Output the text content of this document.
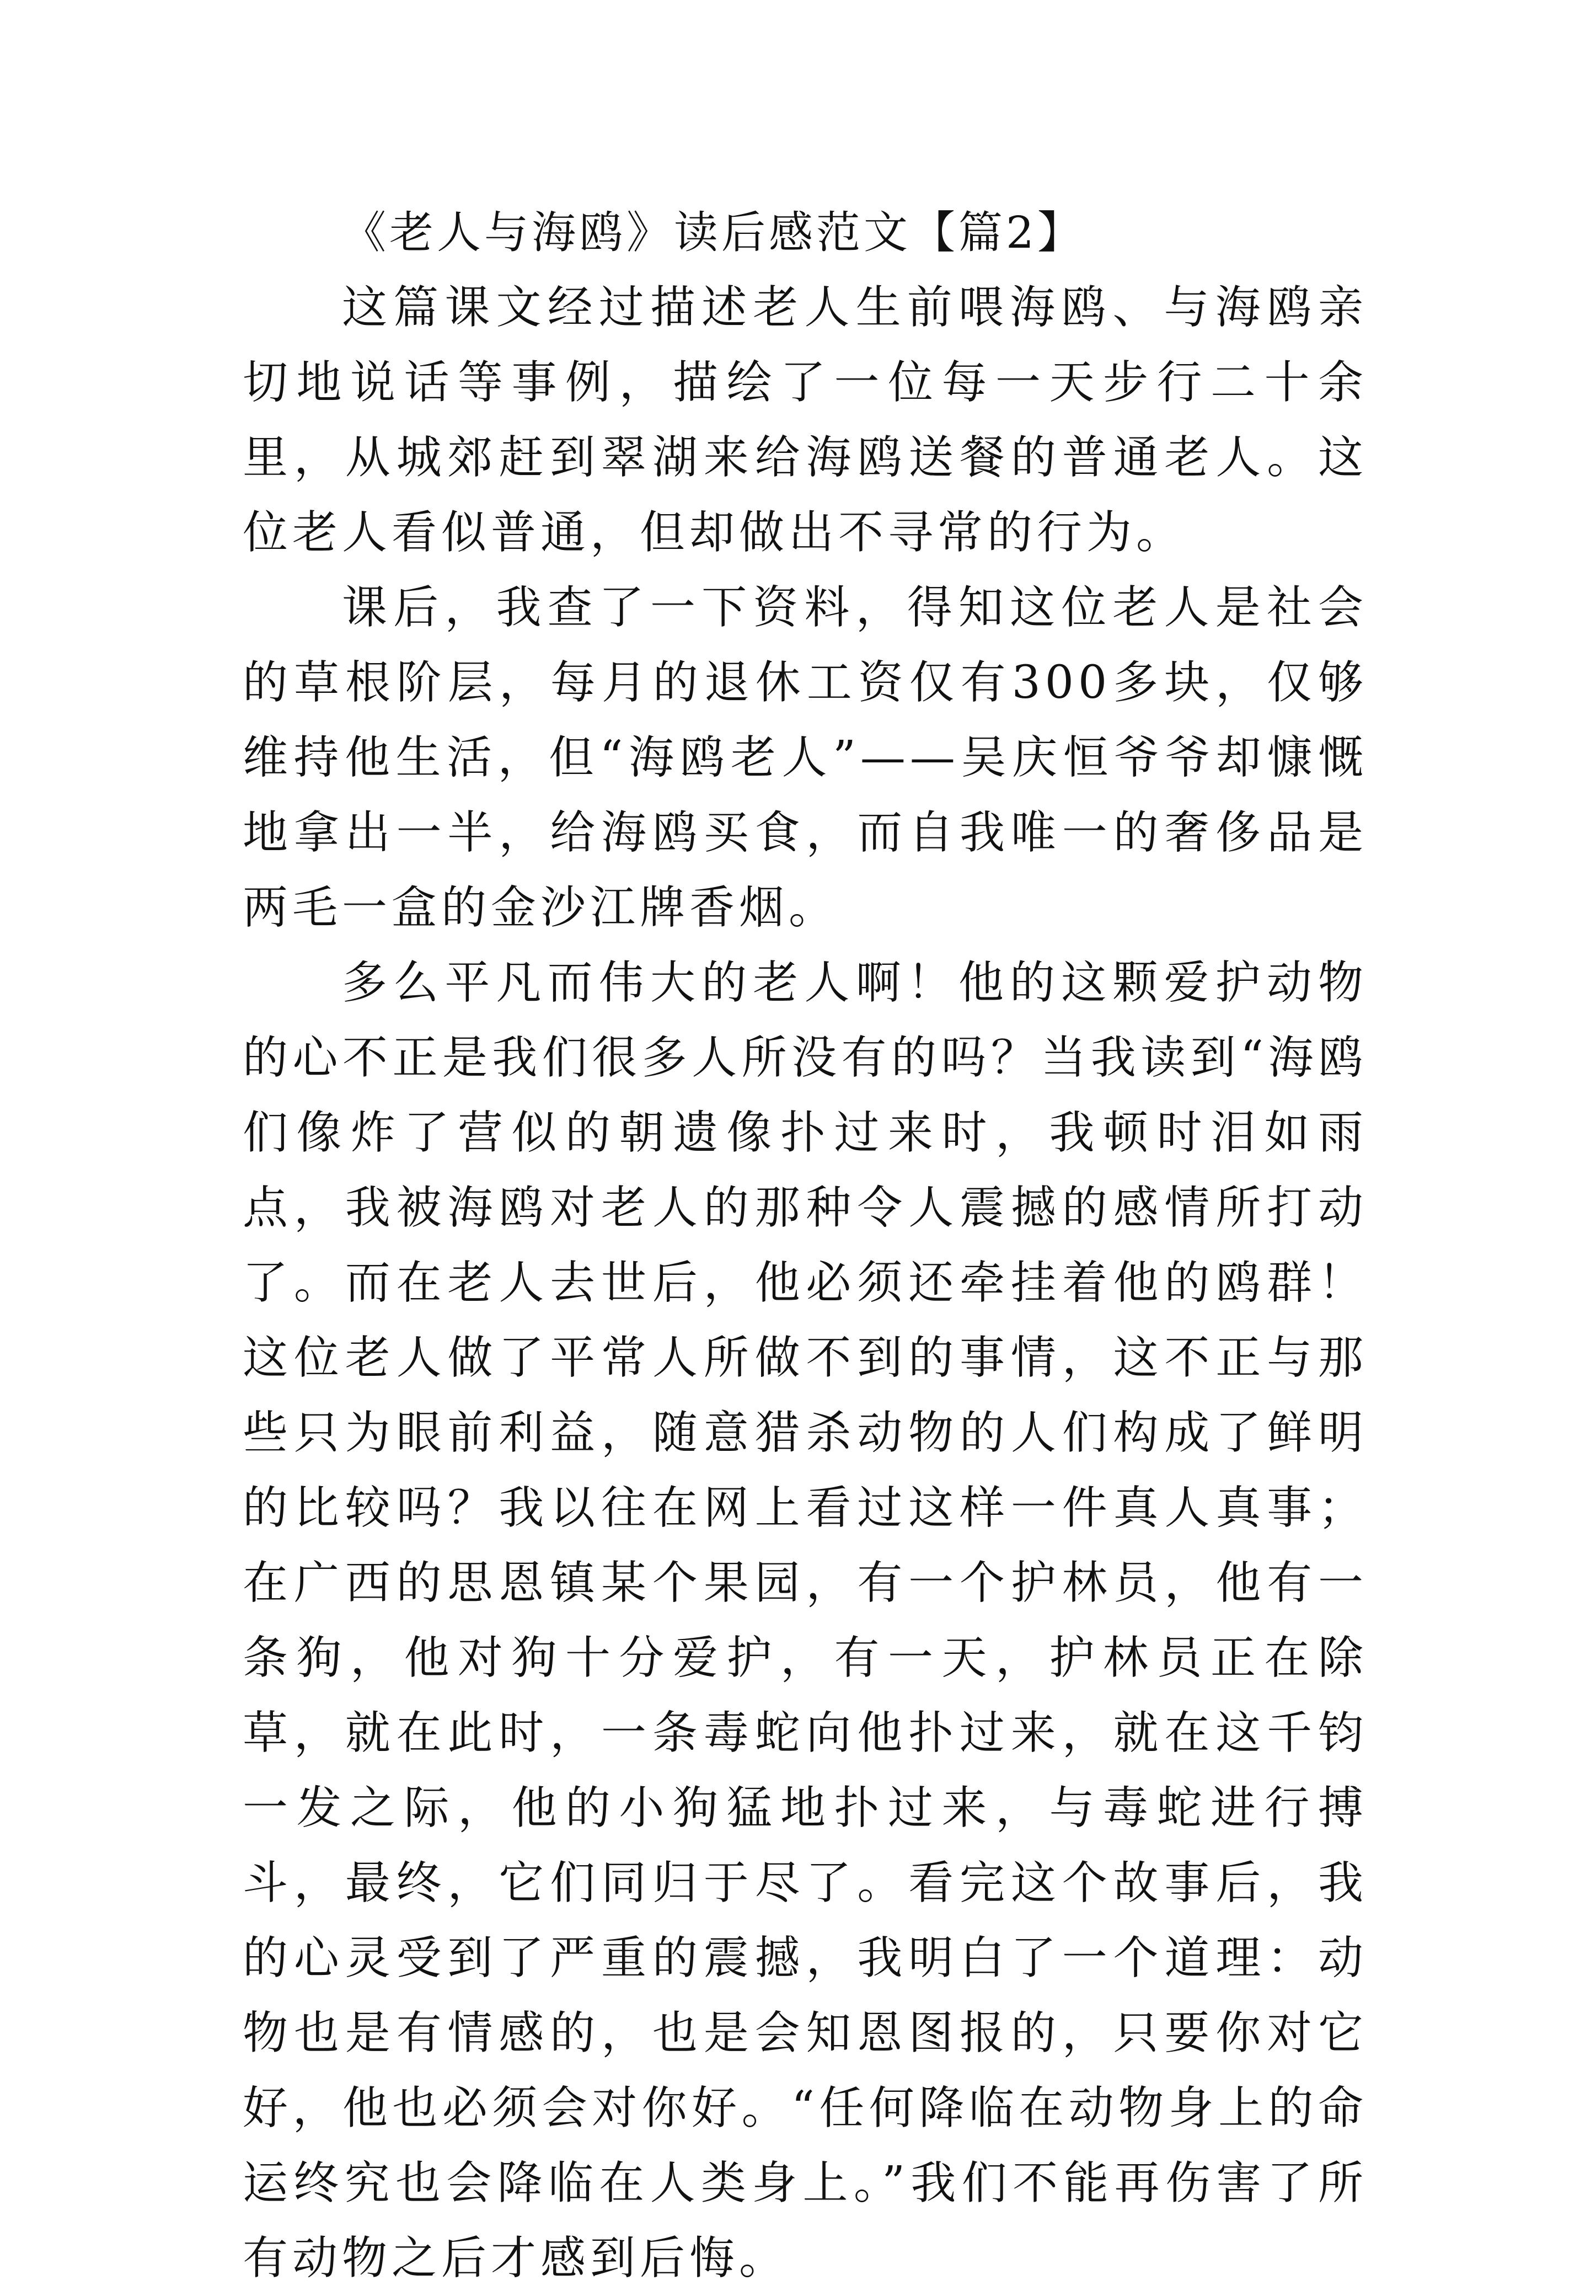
《老人与海鸥》读后感范文【篇2】

这篇课文经过描述老人生前喂海鸥、与海鸥亲切地说话等事例，描绘了一位每一天步行二十余里，从城郊赶到翠湖来给海鸥送餐的普通老人。这位老人看似普通，但却做出不寻常的行为。

课后，我查了一下资料，得知这位老人是社会的草根阶层，每月的退休工资仅有300多块，仅够维持他生活，但“海鸥老人”——吴庆恒爷爷却慷慨地拿出一半，给海鸥买食，而自我唯一的奢侈品是两毛一盒的金沙江牌香烟。

多么平凡而伟大的老人啊！他的这颗爱护动物的心不正是我们很多人所没有的吗？当我读到“海鸥们像炸了营似的朝遗像扑过来时，我顿时泪如雨点，我被海鸥对老人的那种令人震撼的感情所打动了。而在老人去世后，他必须还牵挂着他的鸥群！这位老人做了平常人所做不到的事情，这不正与那些只为眼前利益，随意猎杀动物的人们构成了鲜明的比较吗？我以往在网上看过这样一件真人真事；在广西的思恩镇某个果园，有一个护林员，他有一条狗，他对狗十分爱护，有一天，护林员正在除草，就在此时，一条毒蛇向他扑过来，就在这千钧一发之际，他的小狗猛地扑过来，与毒蛇进行搏斗，最终，它们同归于尽了。看完这个故事后，我的心灵受到了严重的震撼，我明白了一个道理：动物也是有情感的，也是会知恩图报的，只要你对它好，他也必须会对你好。“任何降临在动物身上的命运终究也会降临在人类身上。”我们不能再伤害了所有动物之后才感到后悔。
